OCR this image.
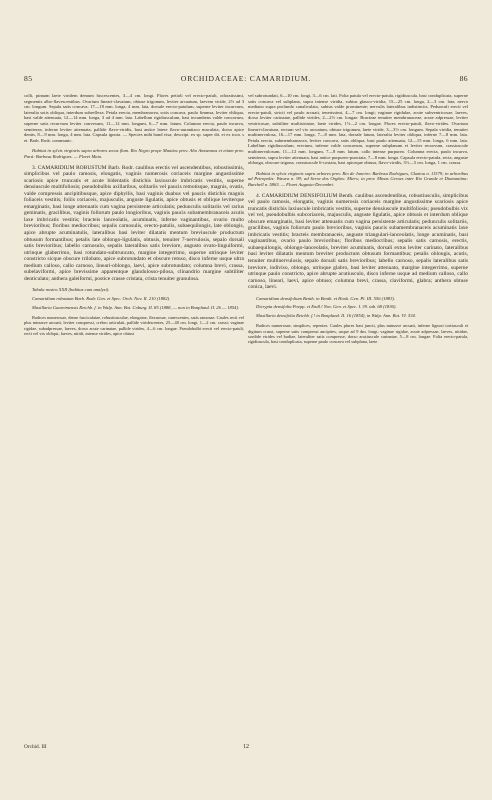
85	ORCHIDACEAE: CAMARIDIUM.	86

colli, pinnam laete viridem demum fuscescentes, 3—4 cm. longi. Flores petioli vel erecto-patuli, odoratissimi, segmentis albo-flavescentibus. Ovarium lineari-clavatum, obtuse trigonum, leviter arcuatum, laevem viride, 2½ ad 3 cm. longum. Sepala satis concava, 17—18 mm. longa, 4 mm. lata, dorsale erecto-patulum, superne leviter incurvum, lateralia sotis obliqua, interdum subreflexa. Petala erecta, membranacea, sotis concava, paulo fimmsa, leviter obliqua, basi valde attenuata, 12—14 mm. longa, 3 ad 4 mm. lata. Labellum rigidiusculum, basi incumbens valde concavum, superne satis recurvum leviter convexum, 11—12 mm. longum, 6—7 mm. latum. Columna erecta, paulo incurva, semiterea, inferne leviter attenuata, pallide flavo-viridis, basi antice latere flavo-aurantiaco maculata, dorso apice dentis, 8—9 mm. longa, 4 mm. lata. Capsula ignota. — Species mihi band visa; descript. ex sp. super dit. et ex icon. s et. Barb. Rodr. communic.

Habitat in sylvis virgineis supra arbores secus flum. Rio Negro prope Manáos prov. Alto Amazonas et etiam prov. Pará: Barbosa Rodrigues. — Floret Maio.

3. CAMARIDIUM ROBUSTUM Barb. Rodr. caulibus erectis vel ascendentibus, robustissimis, simplicibus vel paulo ramosis, elongatis, vaginis numerosis coriaceis margine angustissime scariosis apice truncatis et acute bidentatis distichis laxiuscule imbricatis vestitis, superne densiuscule multifoliosis; pseudobulbis axillaribus, solitariis vel paucis remotisque, magnis, ovatis, valde compressis ancipitibusque, apice diphyllis, basi vaginis duabus vel paucis distichis magnis foliaceis vestitis; foliis coriaceis, majusculis, anguste ligulatis, apice obtusis et oblique leviterque emarginatis, basi longe attenuatis cum vagina persistente articulatis; pedunculis solitariis vel rarius geminatis, gracilibus, vaginis follorum paulo longioribus, vaginis paucis subamembranaceis acutis laxe imbricatis vestitis; bracteis lanceolatis, acuminatis, inferne vaginantibus, ovario multo brevioribus; floribus mediocribus; sepalis carnosulis, erecto-patulis, subaequilongis, late oblongis, apice abrupte acuminatulis, lateralibus basi leviter dilatatis mentum breviuscule productum obtusum formantibus; petalis late oblongo-ligulatis, obtusis, tenuiter 7-nervulosis, sepalo dorsali satis brevioribus; labello carnosulo, sepalis lateralibus satis breviore, angusto ovato-linguiformi, utrinque glaberrimo, basi rotundato-subtruncato, margine integerrimo, superne utrinque leviter constricto sicque obscure trilobato, apice subrotundato et obscure retuso, disco inferne usque ultra medium calloso, callo carnoso, lineari-oblongo, laevi, apice subrotundato; columna brevi, crassa, subelaviformi, apice brevissime apparentque glandulosso-pilosa, clinandrio margine subtiliter denticulato; anthera galeiformi, postice crasse cristata, crista tenuiter granulosa.

Tabula nostra XXII (habitus cum analysi).

Camaridium robustum Barb. Rodr. Gen. et Spec. Orch. Nov. II. 210 (1882).

Maxillaria Guareimensis Reichb. f. in Walp. Ann. Bot. Coburg. II. 85 (1888, — non in Bonpland. II. 26 — 1854).

Radices numerosae, dense fasciculatae, robustiusculae, elongatae, flexuosae, canescentes, satis ramosae. Caules recti vel plus minusve arcuati, leviter compressi, crebro articulati, pallide viridescentes, 25—40 cm. longi, 1—2 cm. crassi; vaginae rigidae, subadpressae, laeves, dorso acute carinatae, pallide virides, 4—6 cm. longae. Pseudobulbi erecti vel erecto-patuli, recti vel vix obliqui, laeves, nitidi, intense virides, apice obtusi

vel subrotundati, 6—10 cm. longi, 3—6 cm. lati. Folia patula vel erecto-patula, rigidiuscula, basi conduplicata, superne satis concava vel subplana, supra intense viridia, subtus glauco-viridia, 15—25 cm. longa, 2—3 cm. lata; nervo mediano supra profundo canaliculato, subtus valde prominente; nervulis lateralibus indistinctis. Pedunculi erecti vel erecto-patuli, stricti vel paulo arcuati, tenerissimi, 4—7 cm. longi; vaginae rigidulae, acute subventricosae, laeves, dorso leviter carinatae, pallide virides, 2—2½ cm. longae. Bracteae tenuiter membranaceae, acute adpressae, leviter ventricosae, subtiliter multistriatae, laete virides, 1½—2 cm. longae. Flores erecto-patuli, flavo-virides. Ovarium lineari-clavatum, rectum vel vix arcuatum, obtuse trigonum, laete viride, 3—3½ cm. longum. Sepala viridia, tenuiter multinervulosa, 16—17 mm. longa, 7—8 mm. lata, dorsale latum, lateralia leviter obliqua, inferne 7—8 mm. lata. Petala erecta, submembranacea, leviter concava, satis obliqua, basi paulo attenuata, 12—15 mm. longa, 6 mm. lata. Labellum rigidiusculum, erectum, inferne valde concavum, superne subplanum et leviter recurvum, crassiuscule multinervulosum, 11—12 mm. longum, 7—8 mm. latum, callo intense purpureo. Columna erecta, paulo incurva, semiterea, supra leviter attenuata, basi antice purpureo-punctata, 7—8 mm. longa. Capsula erecto-patula, recta, anguste oblonga, obscure trigona, crassiuscule 6-costata, basi apiceque obtusa, flavo-viridis, 3½—5 cm. longa, 1 cm. crassa.

Habitat in sylvis virgineis supra arbores prov. Rio de Janeiro: Barbosa Rodrigues, Glaziou n. 11579; in arboribus ad Petropolis: Wawra n. 99; ad Serra dos Orgãos: Miers; in prov. Minas Geraes inter Rio Grande et Diamantina: Burchell n. 5863. — Floret Augusto-Decembri.

4. CAMARIDIUM DENSIFOLIUM Benth. caulibus ascendentibus, robustiusculis, simplicibus vel paulo ramosis, elongatis, vaginis numerosis coriaceis margine angustissime scariosis apice truncatis distichis laxiuscule imbricatis vestitis, superne densiuscule multifoliosis; pseudobulbis vix vel vel, pseudobulbis subcoriaceis, majusculis, anguste ligulatis, apice obtusis et interdum oblique obscure emarginatis, basi leviter attenuatis cum vagina persistente articulatis; pedunculis solitariis, gracilibus, vaginis foliorum paulo brevioribus, vaginis paucis subamembranaceis acuminatis laxe imbricatis vestitis; bracteis membranaceis, anguste triangulari-lanceolatis, longe acuminatis, basi vaginantibus, ovario paulo brevioribus; floribus mediocribus; sepalis satis carnosis, erectis, subaequilongis, oblongo-lanceolatis, breviter acuminatis, dorsali extus leviter carinato, lateralibus basi leviter dilatatis mentum breviter productum obtusum formantibus; petalis oblongis, acutis, tenuiter multinervulosis, sepalo dorsali satis brevioribus; labello carnoso, sepalis lateralibus satis breviore, indiviso, oblongo, utrinque glabro, basi leviter attenuato, margine integerrimo, superne utrinque paulo constricto, apice abrupte acutiusculo, disco inferne usque ad medium calloso, callo carnoso, lineari, laevi, apice obtuso; columna brevi, crassa, claviformi, glabra; anthera obtuse conica, laevi.

Camaridium densifolium Benth. in Benth. et Hook. Gen. Pl. III. 556 (1883).

Dicrypta densifolia Poepp. et Endl.! Nov. Gen. et Spec. I. 39. tab. 68 (1836).

Maxillaria densifolia Reichb. f.! in Bonpland. II. 16 (1854), in Walp. Ann. Bot. VI. 534.

Radices numerosae, simplices, repentes. Caules plures basi juncti, plus minusve arcuati, inferne lignosi tortiusculi et digitum crassi, superne satis compressi ancipites, usque ad 9 dm. longi; vaginae rigidae, acute adpressae, laeves, nitidae, sordide virides vel badiae, lateraliter satis compresse, dorso acutiuscule carinatae, 5—8 cm. longae. Folia erecto-patula, rigidiuscula, basi conduplicata, superne paulo concava vel subplana, laete

Orchid. III	12
